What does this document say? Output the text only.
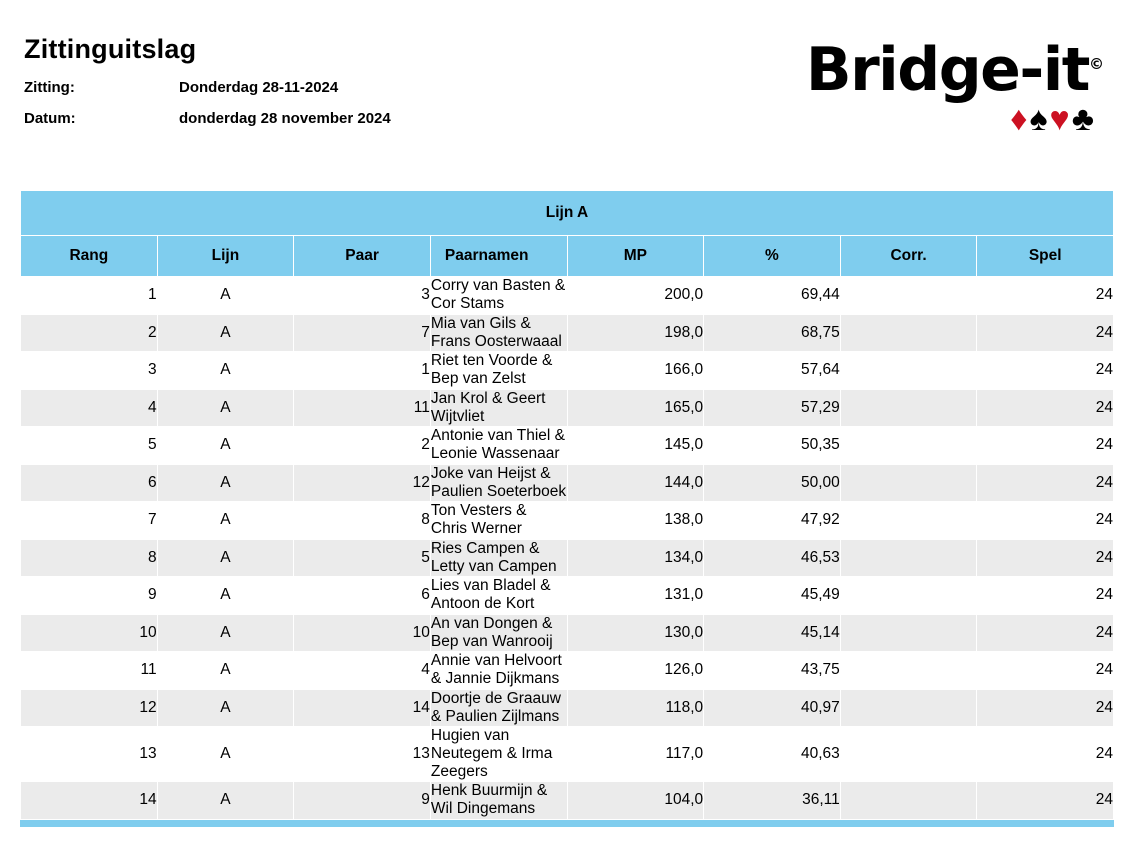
Zittinguitslag
Zitting:	Donderdag 28-11-2024
Datum:	donderdag 28 november 2024
Bridge-it©
♦♠♥♣
Lijn A							
Rang	Lijn	Paar	Paarnamen	MP	%	Corr.	Spel
1	A	3	Corry van Basten & Cor Stams	200,0	69,44		24
2	A	7	Mia van Gils & Frans Oosterwaaal	198,0	68,75		24
3	A	1	Riet ten Voorde & Bep van Zelst	166,0	57,64		24
4	A	11	Jan Krol & Geert Wijtvliet	165,0	57,29		24
5	A	2	Antonie van Thiel & Leonie Wassenaar	145,0	50,35		24
6	A	12	Joke van Heijst & Paulien Soeterboek	144,0	50,00		24
7	A	8	Ton Vesters & Chris Werner	138,0	47,92		24
8	A	5	Ries Campen & Letty van Campen	134,0	46,53		24
9	A	6	Lies van Bladel & Antoon de Kort	131,0	45,49		24
10	A	10	An van Dongen & Bep van Wanrooij	130,0	45,14		24
11	A	4	Annie van Helvoort & Jannie Dijkmans	126,0	43,75		24
12	A	14	Doortje de Graauw & Paulien Zijlmans	118,0	40,97		24
13	A	13	Hugien van Neutegem & Irma Zeegers	117,0	40,63		24
14	A	9	Henk Buurmijn & Wil Dingemans	104,0	36,11		24
